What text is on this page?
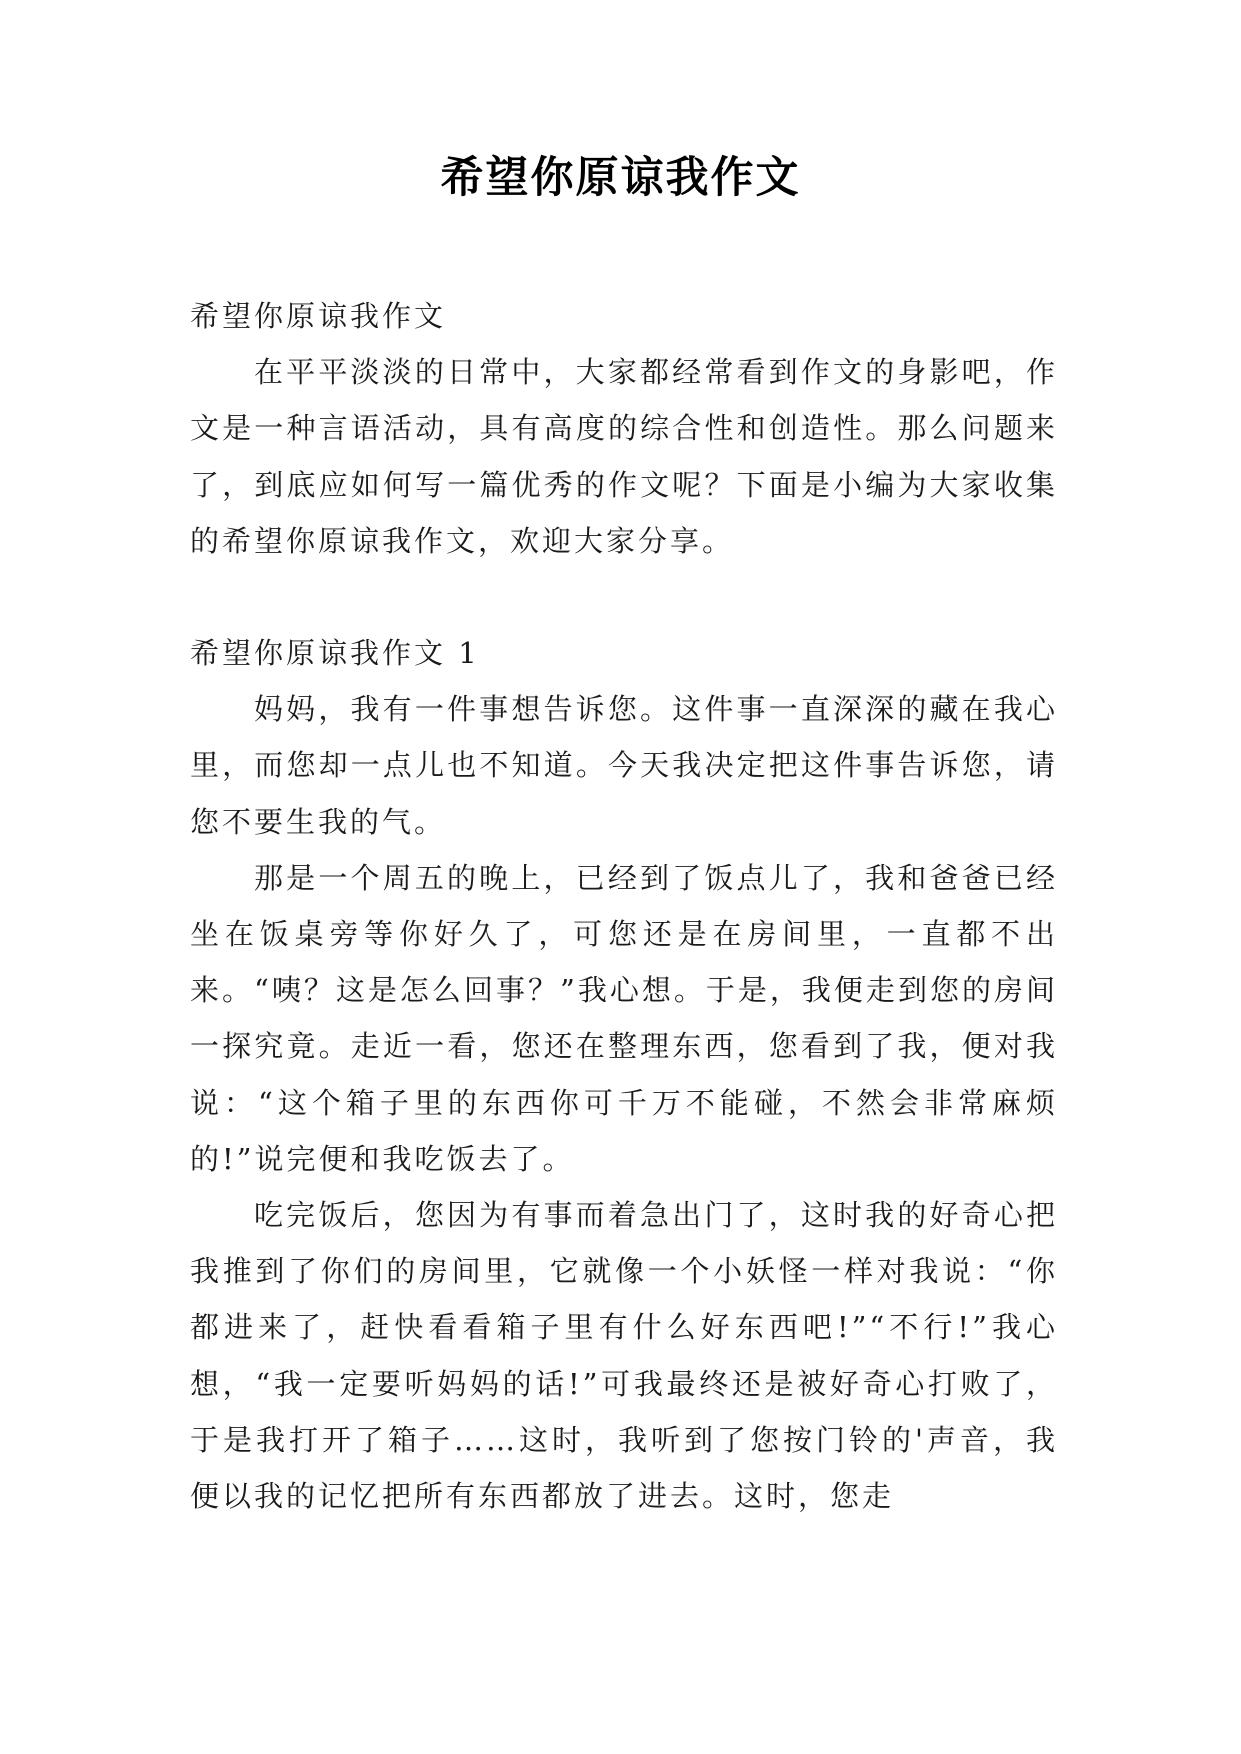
希望你原谅我作文

希望你原谅我作文

在平平淡淡的日常中，大家都经常看到作文的身影吧，作文是一种言语活动，具有高度的综合性和创造性。那么问题来了，到底应如何写一篇优秀的作文呢？下面是小编为大家收集的希望你原谅我作文，欢迎大家分享。

希望你原谅我作文 1

妈妈，我有一件事想告诉您。这件事一直深深的藏在我心里，而您却一点儿也不知道。今天我决定把这件事告诉您，请您不要生我的气。

那是一个周五的晚上，已经到了饭点儿了，我和爸爸已经坐在饭桌旁等你好久了，可您还是在房间里，一直都不出来。“咦？这是怎么回事？”我心想。于是，我便走到您的房间一探究竟。走近一看，您还在整理东西，您看到了我，便对我说：“这个箱子里的东西你可千万不能碰，不然会非常麻烦的!”说完便和我吃饭去了。

吃完饭后，您因为有事而着急出门了，这时我的好奇心把我推到了你们的房间里，它就像一个小妖怪一样对我说：“你都进来了，赶快看看箱子里有什么好东西吧!”“不行!”我心想，“我一定要听妈妈的话!”可我最终还是被好奇心打败了，于是我打开了箱子……这时，我听到了您按门铃的'声音，我便以我的记忆把所有东西都放了进去。这时，您走
